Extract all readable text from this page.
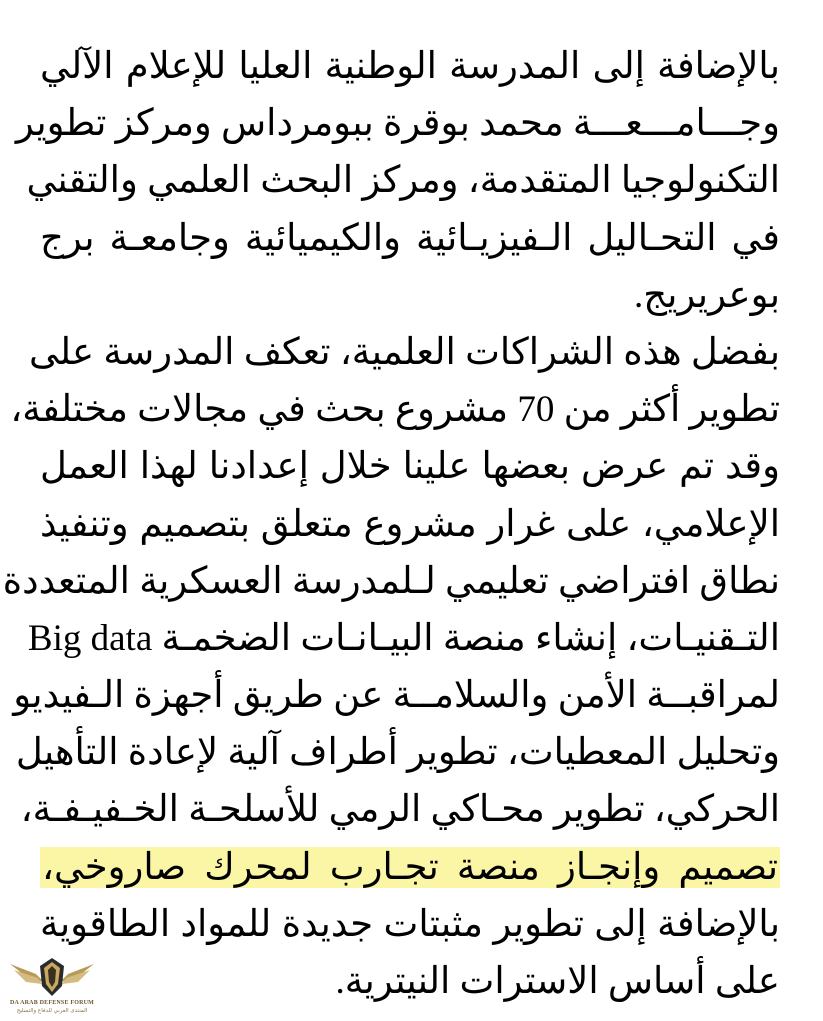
بالإضافة إلى المدرسة الوطنية العليا للإعلام الآلي
وجـــامـــعـــة محمد بوقرة ببومرداس ومركز تطوير
التكنولوجيا المتقدمة، ومركز البحث العلمي والتقني
في التحـاليل الـفيزيـائية والكيميائية وجامعـة برج
بوعريريج.
بفضل هذه الشراكات العلمية، تعكف المدرسة على
تطوير أكثر من 70 مشروع بحث في مجالات مختلفة،
وقد تم عرض بعضها علينا خلال إعدادنا لهذا العمل
الإعلامي، على غرار مشروع متعلق بتصميم وتنفيذ
نطاق افتراضي تعليمي لـلمدرسة العسكرية المتعددة
التـقنيـات، إنشاء منصة البيـانـات الضخمـة Big data
لمراقبــة الأمن والسلامــة عن طريق أجهزة الـفيديو
وتحليل المعطيات، تطوير أطراف آلية لإعادة التأهيل
الحركي، تطوير محـاكي الرمي للأسلحـة الخـفيـفـة،
تصميم وإنجـاز منصة تجـارب لمحرك صاروخي،
بالإضافة إلى تطوير مثبتات جديدة للمواد الطاقوية
على أساس الاسترات النيترية.
DA ARAB DEFENSE FORUM
المنتدى العربي للدفاع والتسليح
